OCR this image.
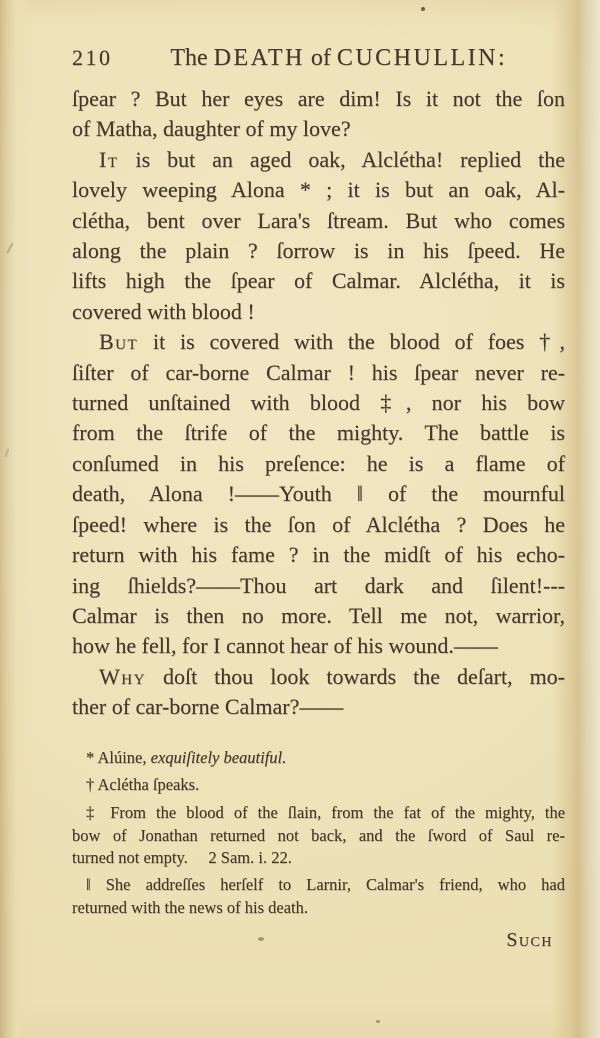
210	The DEATH of CUCHULLIN:
ſpear ? But her eyes are dim! Is it not the ſon
of Matha, daughter of my love?
It is but an aged oak, Alclétha! replied the
lovely weeping Alona * ; it is but an oak, Al-
clétha, bent over Lara's ſtream. But who comes
along the plain ? ſorrow is in his ſpeed. He
lifts high the ſpear of Calmar. Alclétha, it is
covered with blood !
But it is covered with the blood of foes †,
ſiſter of car-borne Calmar ! his ſpear never re-
turned unſtained with blood ‡, nor his bow
from the ſtrife of the mighty. The battle is
conſumed in his preſence: he is a flame of
death, Alona !——Youth ‖ of the mournful
ſpeed! where is the ſon of Alclétha ? Does he
return with his fame ? in the midſt of his echo-
ing ſhields?——Thou art dark and ſilent!---
Calmar is then no more. Tell me not, warrior,
how he fell, for I cannot hear of his wound.——
Why doſt thou look towards the deſart, mo-
ther of car-borne Calmar?——
* Alúine, exquiſitely beautiful.
† Aclétha ſpeaks.
‡ From the blood of the ſlain, from the fat of the mighty, the
bow of Jonathan returned not back, and the ſword of Saul re-
turned not empty.  2 Sam. i. 22.
‖ She addreſſes herſelf to Larnir, Calmar's friend, who had
returned with the news of his death.
Such
